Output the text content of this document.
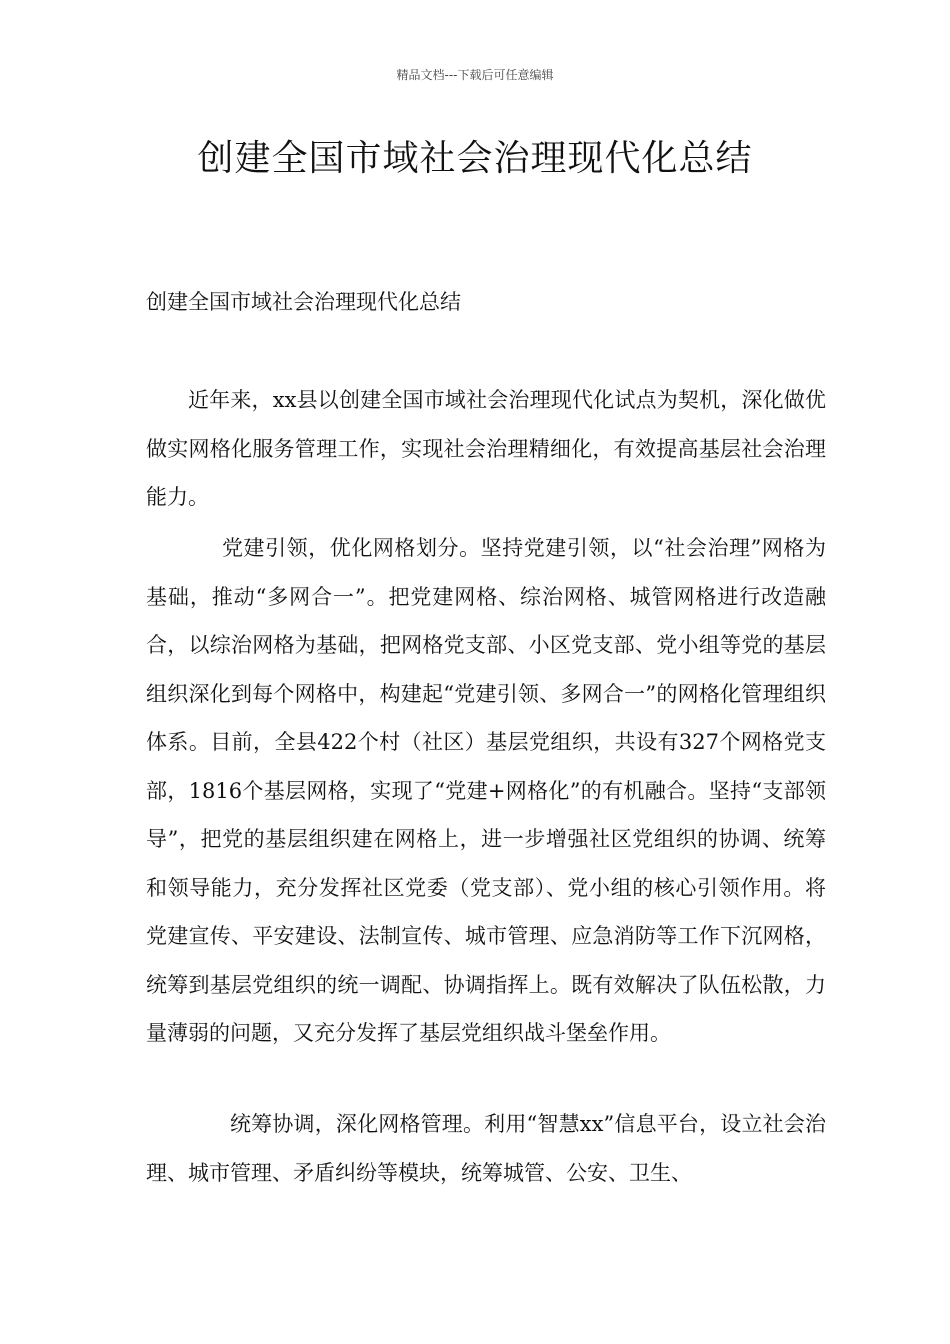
精品文档---下载后可任意编辑
创建全国市域社会治理现代化总结
创建全国市域社会治理现代化总结

近年来，xx县以创建全国市域社会治理现代化试点为契机，深化做优做实网格化服务管理工作，实现社会治理精细化，有效提高基层社会治理能力。

党建引领，优化网格划分。坚持党建引领，以“社会治理”网格为基础，推动“多网合一”。把党建网格、综治网格、城管网格进行改造融合，以综治网格为基础，把网格党支部、小区党支部、党小组等党的基层组织深化到每个网格中，构建起“党建引领、多网合一”的网格化管理组织体系。目前，全县422个村（社区）基层党组织，共设有327个网格党支部，1816个基层网格，实现了“党建+网格化”的有机融合。坚持“支部领导”，把党的基层组织建在网格上，进一步增强社区党组织的协调、统筹和领导能力，充分发挥社区党委（党支部）、党小组的核心引领作用。将党建宣传、平安建设、法制宣传、城市管理、应急消防等工作下沉网格，统筹到基层党组织的统一调配、协调指挥上。既有效解决了队伍松散，力量薄弱的问题，又充分发挥了基层党组织战斗堡垒作用。

统筹协调，深化网格管理。利用“智慧xx”信息平台，设立社会治理、城市管理、矛盾纠纷等模块，统筹城管、公安、卫生、
